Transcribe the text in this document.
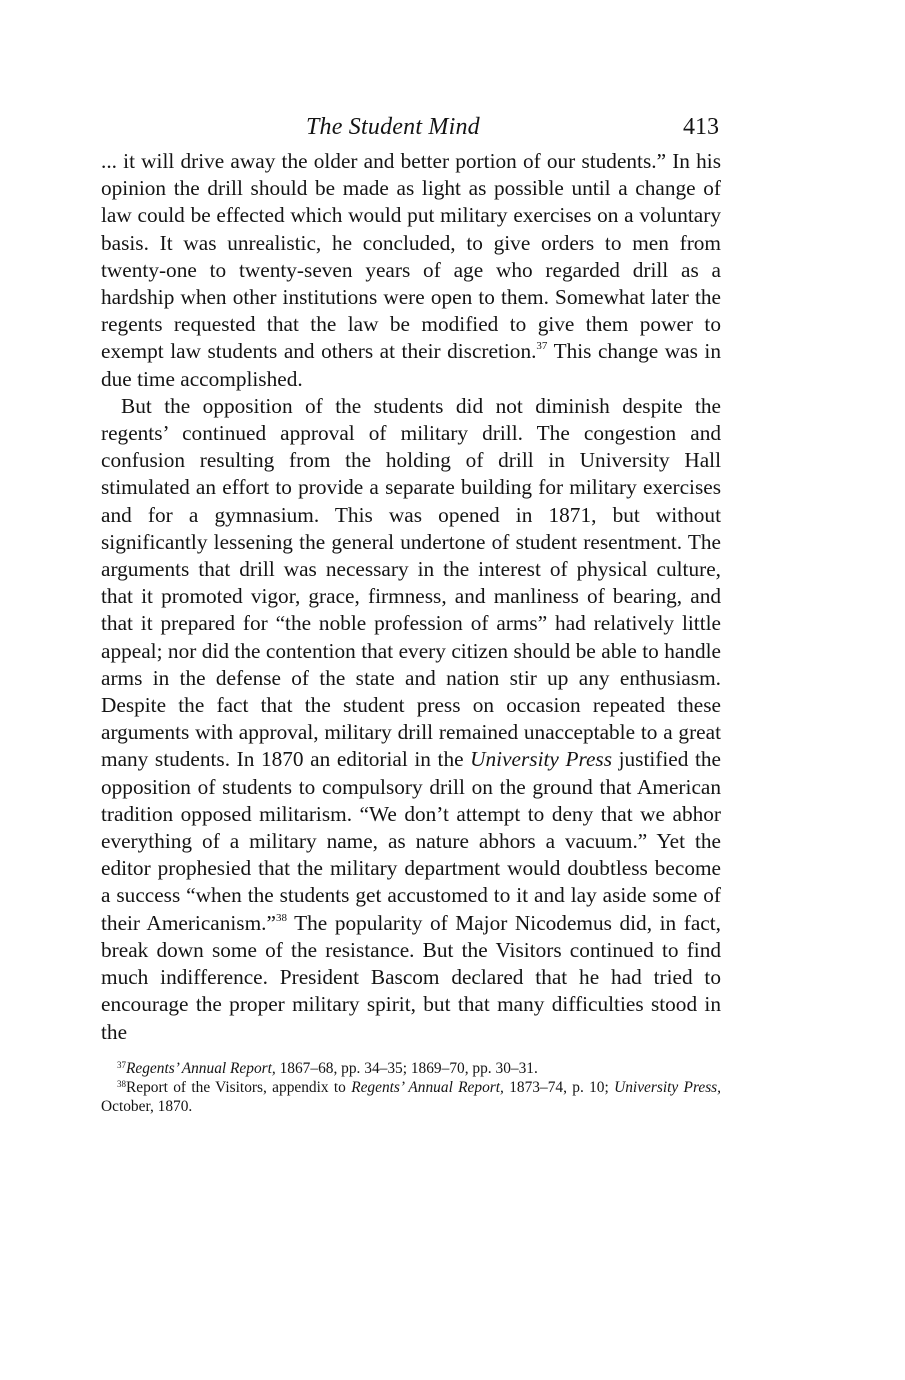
The Student Mind	413

... it will drive away the older and better portion of our students.” In his opinion the drill should be made as light as possible until a change of law could be effected which would put military exercises on a voluntary basis. It was unrealistic, he concluded, to give orders to men from twenty-one to twenty-seven years of age who regarded drill as a hardship when other institutions were open to them. Somewhat later the regents requested that the law be modified to give them power to exempt law students and others at their discretion.$^{37}$ This change was in due time accomplished.

But the opposition of the students did not diminish despite the regents’ continued approval of military drill. The congestion and confusion resulting from the holding of drill in University Hall stimulated an effort to provide a separate building for military exercises and for a gymnasium. This was opened in 1871, but without significantly lessening the general undertone of student resentment. The arguments that drill was necessary in the interest of physical culture, that it promoted vigor, grace, firmness, and manliness of bearing, and that it prepared for “the noble profession of arms” had relatively little appeal; nor did the contention that every citizen should be able to handle arms in the defense of the state and nation stir up any enthusiasm. Despite the fact that the student press on occasion repeated these arguments with approval, military drill remained unacceptable to a great many students. In 1870 an editorial in the University Press justified the opposition of students to compulsory drill on the ground that American tradition opposed militarism. “We don’t attempt to deny that we abhor everything of a military name, as nature abhors a vacuum.” Yet the editor prophesied that the military department would doubtless become a success “when the students get accustomed to it and lay aside some of their Americanism.”$^{38}$ The popularity of Major Nicodemus did, in fact, break down some of the resistance. But the Visitors continued to find much indifference. President Bascom declared that he had tried to encourage the proper military spirit, but that many difficulties stood in the

$^{37}$Regents’ Annual Report, 1867–68, pp. 34–35; 1869–70, pp. 30–31.

$^{38}$Report of the Visitors, appendix to Regents’ Annual Report, 1873–74, p. 10; University Press, October, 1870.
